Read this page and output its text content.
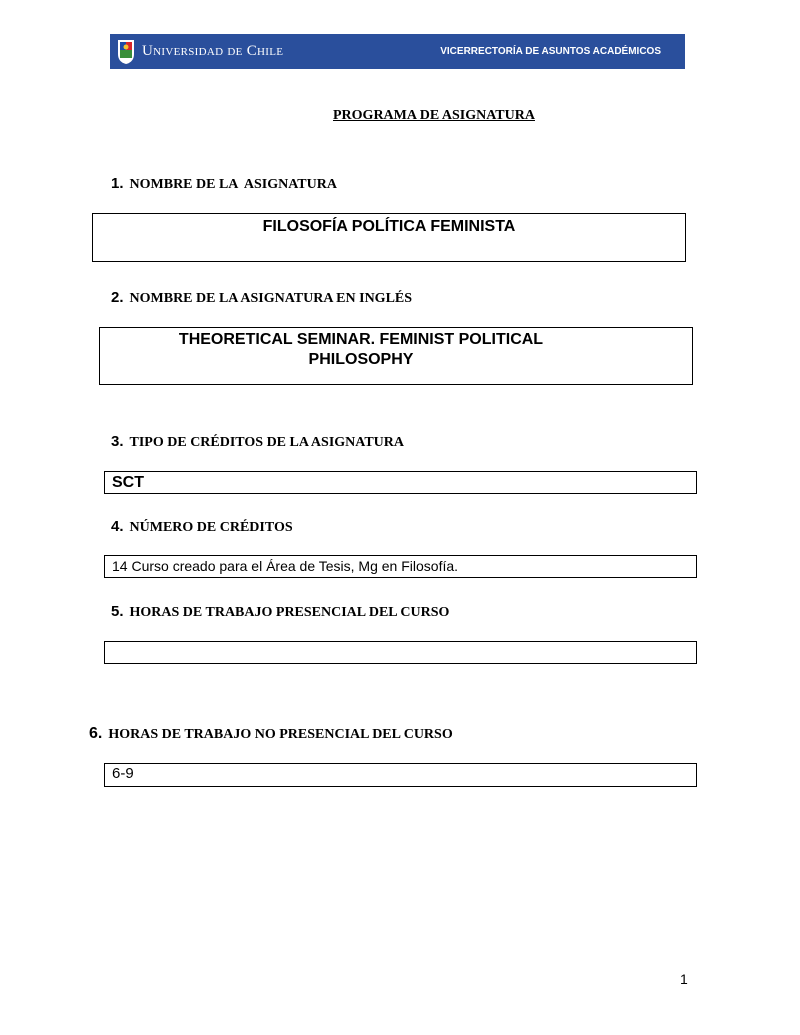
Universidad de Chile	VICERRECTORÍA DE ASUNTOS ACADÉMICOS
PROGRAMA DE ASIGNATURA
1. NOMBRE DE LA  ASIGNATURA
FILOSOFÍA POLÍTICA FEMINISTA
2. NOMBRE DE LA ASIGNATURA EN INGLÉS
THEORETICAL SEMINAR. FEMINIST POLITICAL
PHILOSOPHY
3. TIPO DE CRÉDITOS DE LA ASIGNATURA
SCT
4. NÚMERO DE CRÉDITOS
14 Curso creado para el Área de Tesis, Mg en Filosofía.
5. HORAS DE TRABAJO PRESENCIAL DEL CURSO
6. HORAS DE TRABAJO NO PRESENCIAL DEL CURSO
6-9
1
